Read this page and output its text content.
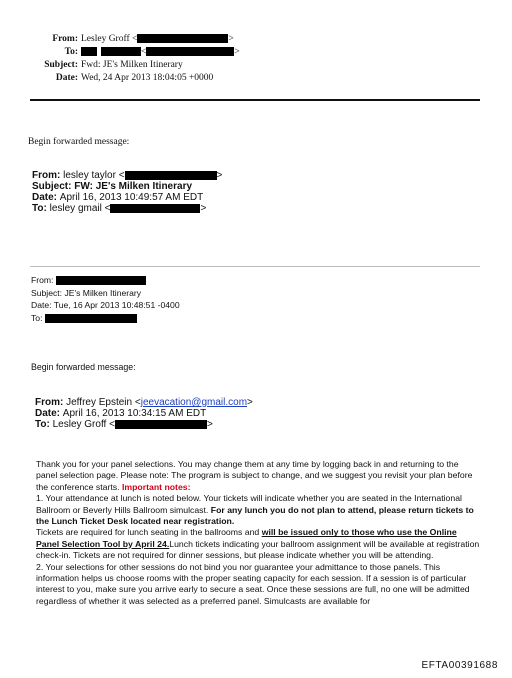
From: Lesley Groff <	>
To:	<	>
Subject: Fwd: JE's Milken Itinerary
Date: Wed, 24 Apr 2013 18:04:05 +0000
Begin forwarded message:
From: lesley taylor <	>
Subject: FW: JE's Milken Itinerary
Date: April 16, 2013 10:49:57 AM EDT
To: lesley gmail <	>
From:
Subject: JE's Milken Itinerary
Date: Tue, 16 Apr 2013 10:48:51 -0400
To:
Begin forwarded message:
From: Jeffrey Epstein <jeevacation@gmail.com>
Date: April 16, 2013 10:34:15 AM EDT
To: Lesley Groff <	>
Thank you for your panel selections. You may change them at any time by logging back in and returning to the panel selection page. Please note: The program is subject to change, and we suggest you revisit your plan before the conference starts. Important notes:
1. Your attendance at lunch is noted below. Your tickets will indicate whether you are seated in the International Ballroom or Beverly Hills Ballroom simulcast. For any lunch you do not plan to attend, please return tickets to the Lunch Ticket Desk located near registration.
Tickets are required for lunch seating in the ballrooms and will be issued only to those who use the Online Panel Selection Tool by April 24.Lunch tickets indicating your ballroom assignment will be available at registration check-in. Tickets are not required for dinner sessions, but please indicate whether you will be attending.
2. Your selections for other sessions do not bind you nor guarantee your admittance to those panels. This information helps us choose rooms with the proper seating capacity for each session. If a session is of particular interest to you, make sure you arrive early to secure a seat. Once these sessions are full, no one will be admitted regardless of whether it was selected as a preferred panel. Simulcasts are available for
EFTA00391688
